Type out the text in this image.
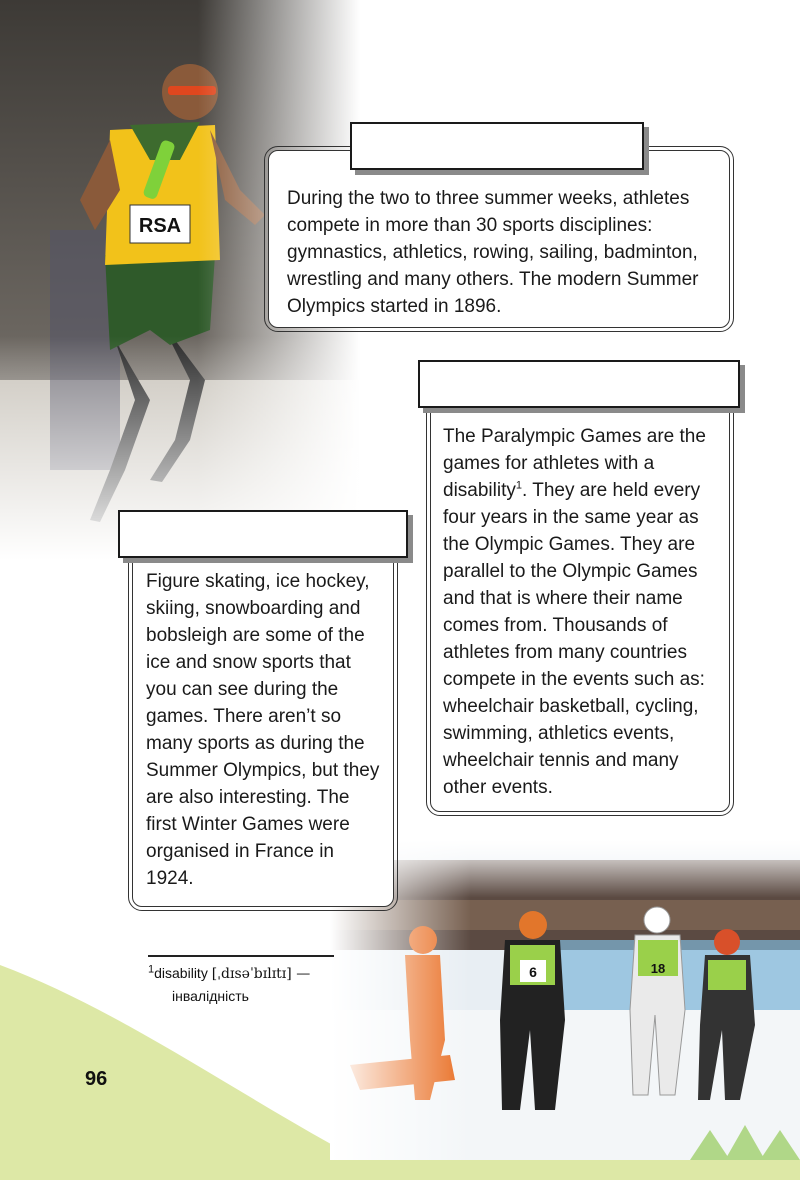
During the two to three summer weeks, athletes compete in more than 30 sports disciplines: gymnastics, athletics, rowing, sailing, badminton, wrestling and many others. The modern Summer Olympics started in 1896.
The Paralympic Games are the games for athletes with a disability$^1$. They are held every four years in the same year as the Olympic Games. They are parallel to the Olympic Games and that is where their name comes from. Thousands of athletes from many countries compete in the events such as: wheelchair basketball, cycling, swimming, athletics events, wheelchair tennis and many other events.
Figure skating, ice hockey, skiing, snowboarding and bobsleigh are some of the ice and snow sports that you can see during the games. There aren’t so many sports as during the Summer Olympics, but they are also interesting. The first Winter Games were organised in France in 1924.
$^1$disability [ˌdɪsəˈbɪlɪtɪ] —
інвалідність
96
